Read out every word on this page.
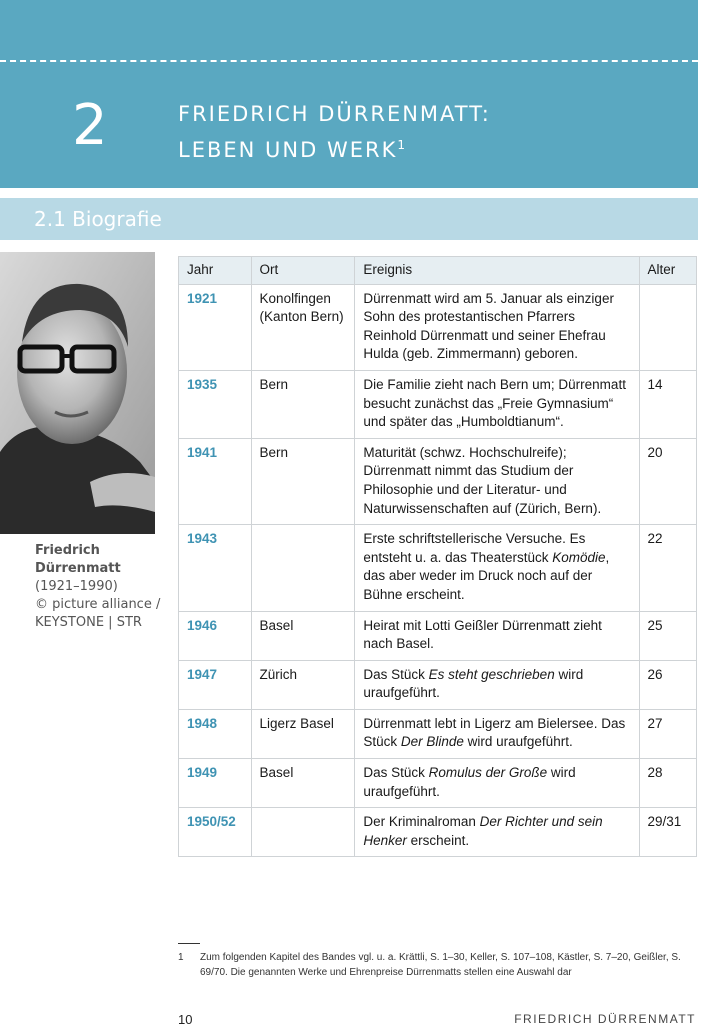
2	FRIEDRICH DÜRRENMATT:
LEBEN UND WERK$^1$
2.1 Biografie
Friedrich
Dürrenmatt
(1921–1990)
© picture alliance /
KEYSTONE | STR
Jahr	Ort	Ereignis	Alter
1921	Konolfingen (Kanton Bern)	Dürrenmatt wird am 5. Januar als einziger Sohn des protestantischen Pfarrers Reinhold Dürrenmatt und seiner Ehefrau Hulda (geb. Zimmermann) geboren.	
1935	Bern	Die Familie zieht nach Bern um; Dürrenmatt besucht zunächst das „Freie Gymnasium“ und später das „Humboldtianum“.	14
1941	Bern	Maturität (schwz. Hochschulreife); Dürrenmatt nimmt das Studium der Philosophie und der Literatur- und Naturwissenschaften auf (Zürich, Bern).	20
1943		Erste schriftstellerische Versuche. Es entsteht u. a. das Theaterstück Komödie, das aber weder im Druck noch auf der Bühne erscheint.	22
1946	Basel	Heirat mit Lotti Geißler Dürrenmatt zieht nach Basel.	25
1947	Zürich	Das Stück Es steht geschrieben wird uraufgeführt.	26
1948	Ligerz Basel	Dürrenmatt lebt in Ligerz am Bielersee. Das Stück Der Blinde wird uraufgeführt.	27
1949	Basel	Das Stück Romulus der Große wird uraufgeführt.	28
1950/52		Der Kriminalroman Der Richter und sein Henker erscheint.	29/31
1 Zum folgenden Kapitel des Bandes vgl. u. a. Krättli, S. 1–30, Keller, S. 107–108, Kästler, S. 7–20, Geißler, S. 69/70. Die genannten Werke und Ehrenpreise Dürrenmatts stellen eine Auswahl dar
10	FRIEDRICH DÜRRENMATT
